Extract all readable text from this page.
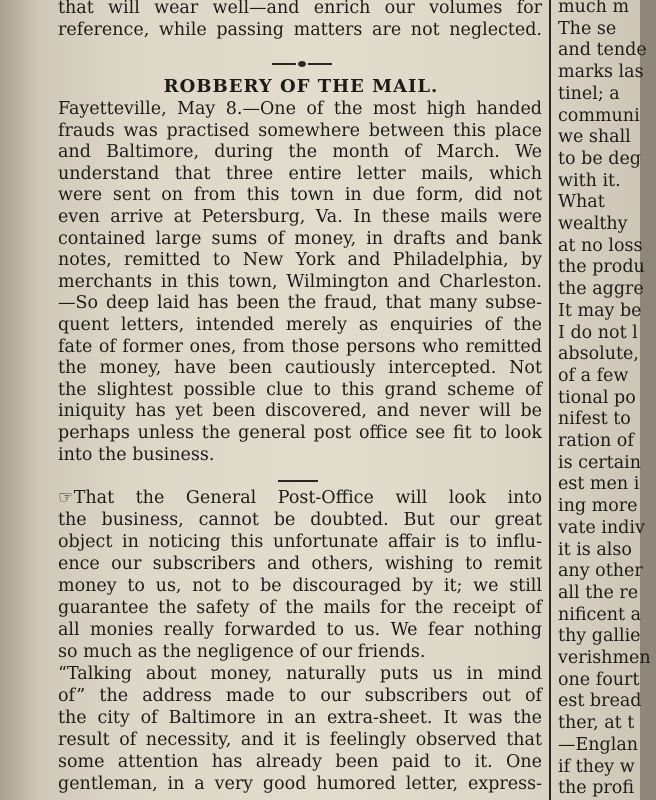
that will wear well—and enrich our volumes for
reference, while passing matters are not neglected.
ROBBERY OF THE MAIL.
Fayetteville, May 8.—One of the most high handed
frauds was practised somewhere between this place
and Baltimore, during the month of March. We
understand that three entire letter mails, which
were sent on from this town in due form, did not
even arrive at Petersburg, Va. In these mails were
contained large sums of money, in drafts and bank
notes, remitted to New York and Philadelphia, by
merchants in this town, Wilmington and Charleston.
—So deep laid has been the fraud, that many subse-
quent letters, intended merely as enquiries of the
fate of former ones, from those persons who remitted
the money, have been cautiously intercepted. Not
the slightest possible clue to this grand scheme of
iniquity has yet been discovered, and never will be
perhaps unless the general post office see fit to look
into the business.
☞That the General Post-Office will look into
the business, cannot be doubted. But our great
object in noticing this unfortunate affair is to influ-
ence our subscribers and others, wishing to remit
money to us, not to be discouraged by it; we still
guarantee the safety of the mails for the receipt of
all monies really forwarded to us. We fear nothing
so much as the negligence of our friends.
“Talking about money, naturally puts us in mind
of” the address made to our subscribers out of
the city of Baltimore in an extra-sheet. It was the
result of necessity, and it is feelingly observed that
some attention has already been paid to it. One
gentleman, in a very good humored letter, express-
much m
The se
and tende
marks las
tinel; a
communi
we shall
to be deg
with it.
What
wealthy
at no loss
the produ
the aggre
It may be
I do not l
absolute,
of a few
tional po
nifest to
ration of
is certain
est men i
ing more
vate indiv
it is also
any other
all the re
nificent a
thy gallie
verishmen
one fourt
est bread
ther, at t
—Englan
if they w
the profi
